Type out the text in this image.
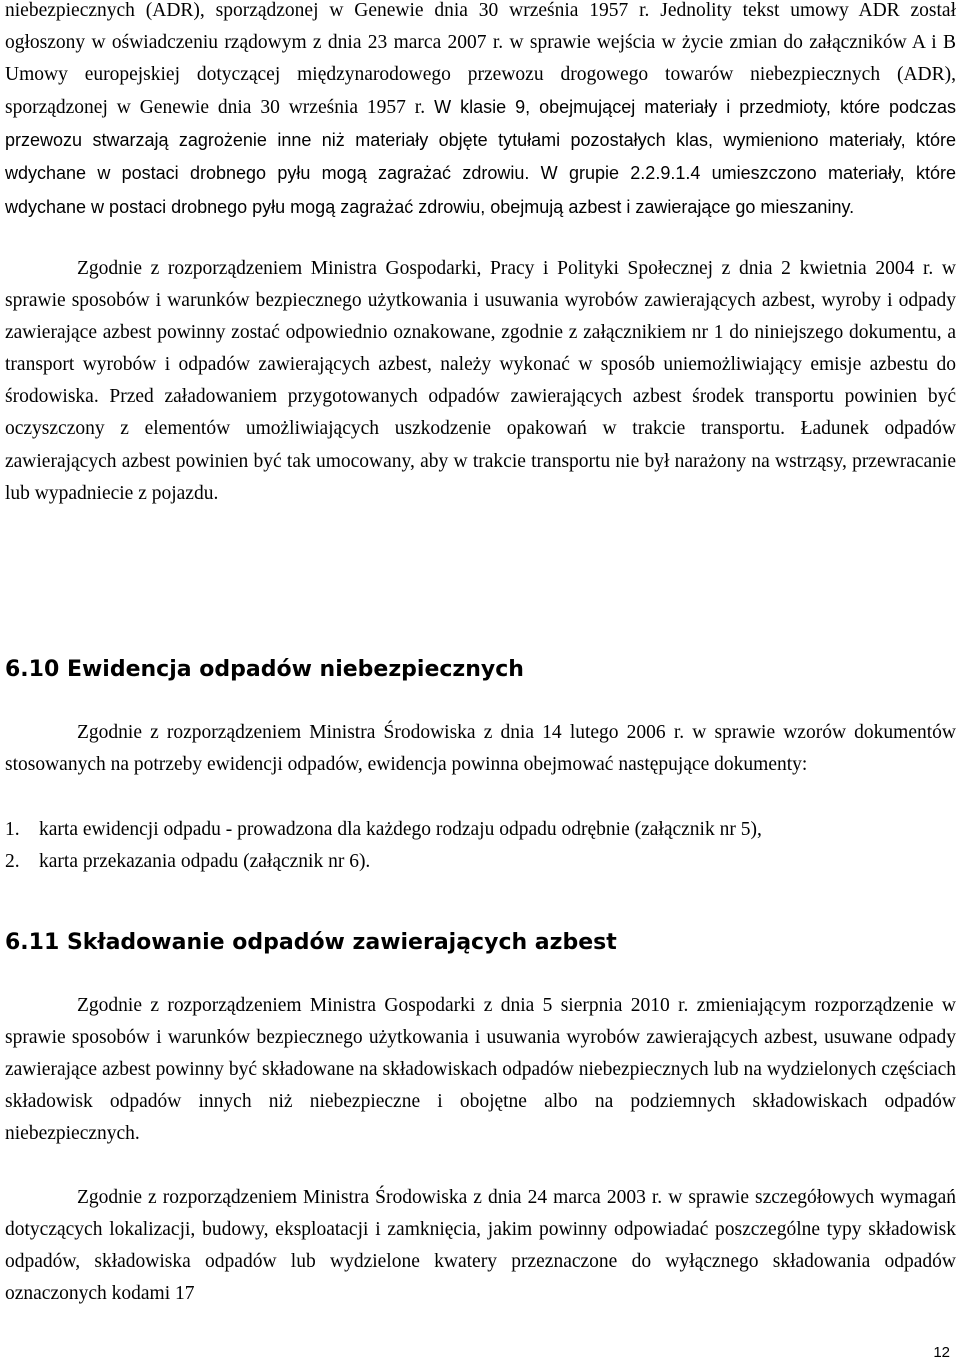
niebezpiecznych (ADR), sporządzonej w Genewie dnia 30 września 1957 r. Jednolity tekst umowy ADR został ogłoszony w oświadczeniu rządowym z dnia 23 marca 2007 r. w sprawie wejścia w życie zmian do załączników A i B Umowy europejskiej dotyczącej międzynarodowego przewozu drogowego towarów niebezpiecznych (ADR), sporządzonej w Genewie dnia 30 września 1957 r. W klasie 9, obejmującej materiały i przedmioty, które podczas przewozu stwarzają zagrożenie inne niż materiały objęte tytułami pozostałych klas, wymieniono materiały, które wdychane w postaci drobnego pyłu mogą zagrażać zdrowiu. W grupie 2.2.9.1.4 umieszczono materiały, które wdychane w postaci drobnego pyłu mogą zagrażać zdrowiu, obejmują azbest i zawierające go mieszaniny.

Zgodnie z rozporządzeniem Ministra Gospodarki, Pracy i Polityki Społecznej z dnia 2 kwietnia 2004 r. w sprawie sposobów i warunków bezpiecznego użytkowania i usuwania wyrobów zawierających azbest, wyroby i odpady zawierające azbest powinny zostać odpowiednio oznakowane, zgodnie z załącznikiem nr 1 do niniejszego dokumentu, a transport wyrobów i odpadów zawierających azbest, należy wykonać w sposób uniemożliwiający emisje azbestu do środowiska. Przed załadowaniem przygotowanych odpadów zawierających azbest środek transportu powinien być oczyszczony z elementów umożliwiających uszkodzenie opakowań w trakcie transportu. Ładunek odpadów zawierających azbest powinien być tak umocowany, aby w trakcie transportu nie był narażony na wstrząsy, przewracanie lub wypadniecie z pojazdu.

6.10 Ewidencja odpadów niebezpiecznych

Zgodnie z rozporządzeniem Ministra Środowiska z dnia 14 lutego 2006 r. w sprawie wzorów dokumentów stosowanych na potrzeby ewidencji odpadów, ewidencja powinna obejmować następujące dokumenty:

1. karta ewidencji odpadu - prowadzona dla każdego rodzaju odpadu odrębnie (załącznik nr 5),

2. karta przekazania odpadu (załącznik nr 6).

6.11 Składowanie odpadów zawierających azbest

Zgodnie z rozporządzeniem Ministra Gospodarki z dnia 5 sierpnia 2010 r. zmieniającym rozporządzenie w sprawie sposobów i warunków bezpiecznego użytkowania i usuwania wyrobów zawierających azbest, usuwane odpady zawierające azbest powinny być składowane na składowiskach odpadów niebezpiecznych lub na wydzielonych częściach składowisk odpadów innych niż niebezpieczne i obojętne albo na podziemnych składowiskach odpadów niebezpiecznych.

Zgodnie z rozporządzeniem Ministra Środowiska z dnia 24 marca 2003 r. w sprawie szczegółowych wymagań dotyczących lokalizacji, budowy, eksploatacji i zamknięcia, jakim powinny odpowiadać poszczególne typy składowisk odpadów, składowiska odpadów lub wydzielone kwatery przeznaczone do wyłącznego składowania odpadów oznaczonych kodami 17

12
